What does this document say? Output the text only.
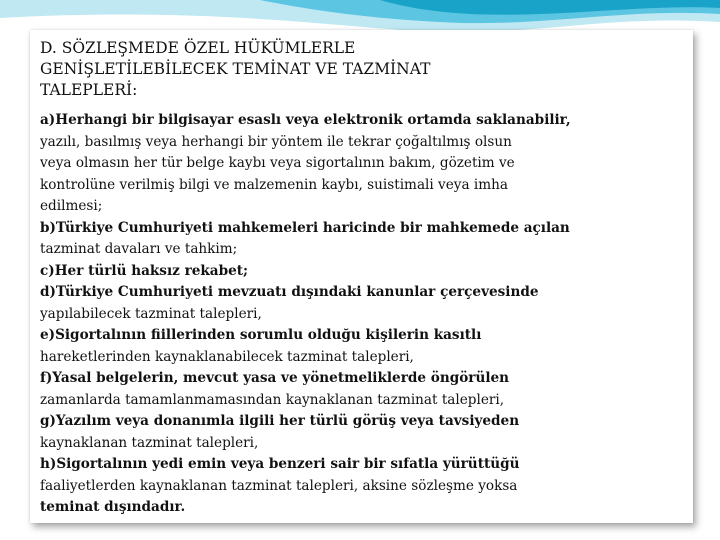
D. SÖZLEŞMEDE ÖZEL HÜKÜMLERLE
GENİŞLETİLEBİLECEK TEMİNAT VE TAZMİNAT
TALEPLERİ:
a)Herhangi bir bilgisayar esaslı veya elektronik ortamda saklanabilir,
yazılı, basılmış veya herhangi bir yöntem ile tekrar çoğaltılmış olsun
veya olmasın her tür belge kaybı veya sigortalının bakım, gözetim ve
kontrolüne verilmiş bilgi ve malzemenin kaybı, suistimali veya imha
edilmesi;
b)Türkiye Cumhuriyeti mahkemeleri haricinde bir mahkemede açılan
tazminat davaları ve tahkim;
c)Her türlü haksız rekabet;
d)Türkiye Cumhuriyeti mevzuatı dışındaki kanunlar çerçevesinde
yapılabilecek tazminat talepleri,
e)Sigortalının fiillerinden sorumlu olduğu kişilerin kasıtlı
hareketlerinden kaynaklanabilecek tazminat talepleri,
f)Yasal belgelerin, mevcut yasa ve yönetmeliklerde öngörülen
zamanlarda tamamlanmamasından kaynaklanan tazminat talepleri,
g)Yazılım veya donanımla ilgili her türlü görüş veya tavsiyeden
kaynaklanan tazminat talepleri,
h)Sigortalının yedi emin veya benzeri sair bir sıfatla yürüttüğü
faaliyetlerden kaynaklanan tazminat talepleri, aksine sözleşme yoksa
teminat dışındadır.
